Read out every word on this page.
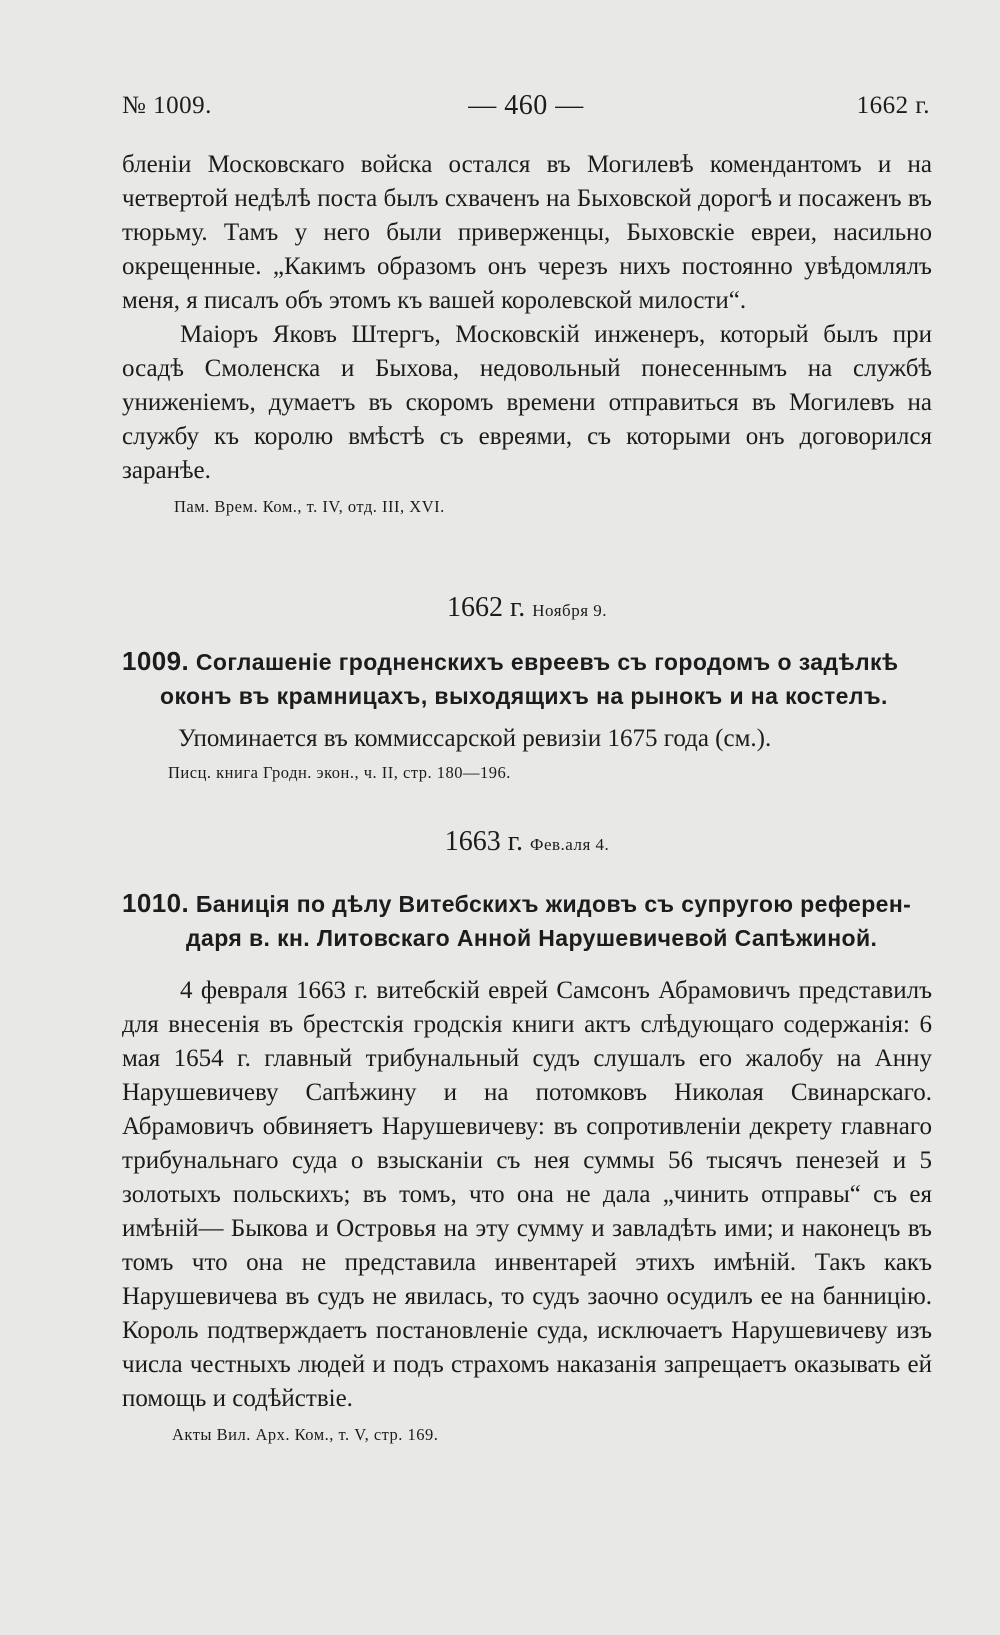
№ 1009.	— 460 —	1662 г.

бленіи Московскаго войска остался въ Могилевѣ комендантомъ и на четвертой недѣлѣ поста былъ схваченъ на Быховской дорогѣ и посаженъ въ тюрьму. Тамъ у него были приверженцы, Быховскіе евреи, насильно окрещенные. „Какимъ образомъ онъ черезъ нихъ постоянно увѣдомлялъ меня, я писалъ объ этомъ къ вашей королевской милости“.

Маіоръ Яковъ Штергъ, Московскій инженеръ, который былъ при осадѣ Смоленска и Быхова, недовольный понесеннымъ на службѣ униженіемъ, думаетъ въ скоромъ времени отправиться въ Могилевъ на службу къ королю вмѣстѣ съ евреями, съ которыми онъ договорился заранѣе.

Пам. Врем. Ком., т. IV, отд. III, XVI.

1662 г. Ноября 9.
1009. Соглашеніе гродненскихъ евреевъ съ городомъ о задѣлкѣ
оконъ въ крамницахъ, выходящихъ на рынокъ и на костелъ.

Упоминается въ коммиссарской ревизіи 1675 года (см.).

Писц. книга Гродн. экон., ч. II, стр. 180—196.

1663 г. Фев.аля 4.
1010. Баниція по дѣлу Витебскихъ жидовъ съ супругою референ-
даря в. кн. Литовскаго Анной Нарушевичевой Сапѣжиной.

4 февраля 1663 г. витебскій еврей Самсонъ Абрамовичъ представилъ для внесенія въ брестскія гродскія книги актъ слѣдующаго содержанія: 6 мая 1654 г. главный трибунальный судъ слушалъ его жалобу на Анну Нарушевичеву Сапѣжину и на потомковъ Николая Свинарскаго. Абрамовичъ обвиняетъ Нарушевичеву: въ сопротивленіи декрету главнаго трибунальнаго суда о взысканіи съ нея суммы 56 тысячъ пенезей и 5 золотыхъ польскихъ; въ томъ, что она не дала „чинить отправы“ съ ея имѣній— Быкова и Островья на эту сумму и завладѣть ими; и наконецъ въ томъ что она не представила инвентарей этихъ имѣній. Такъ какъ Нарушевичева въ судъ не явилась, то судъ заочно осудилъ ее на банницію. Король подтверждаетъ постановленіе суда, исключаетъ Нарушевичеву изъ числа честныхъ людей и подъ страхомъ наказанія запрещаетъ оказывать ей помощь и содѣйствіе.

Акты Вил. Арх. Ком., т. V, стр. 169.
